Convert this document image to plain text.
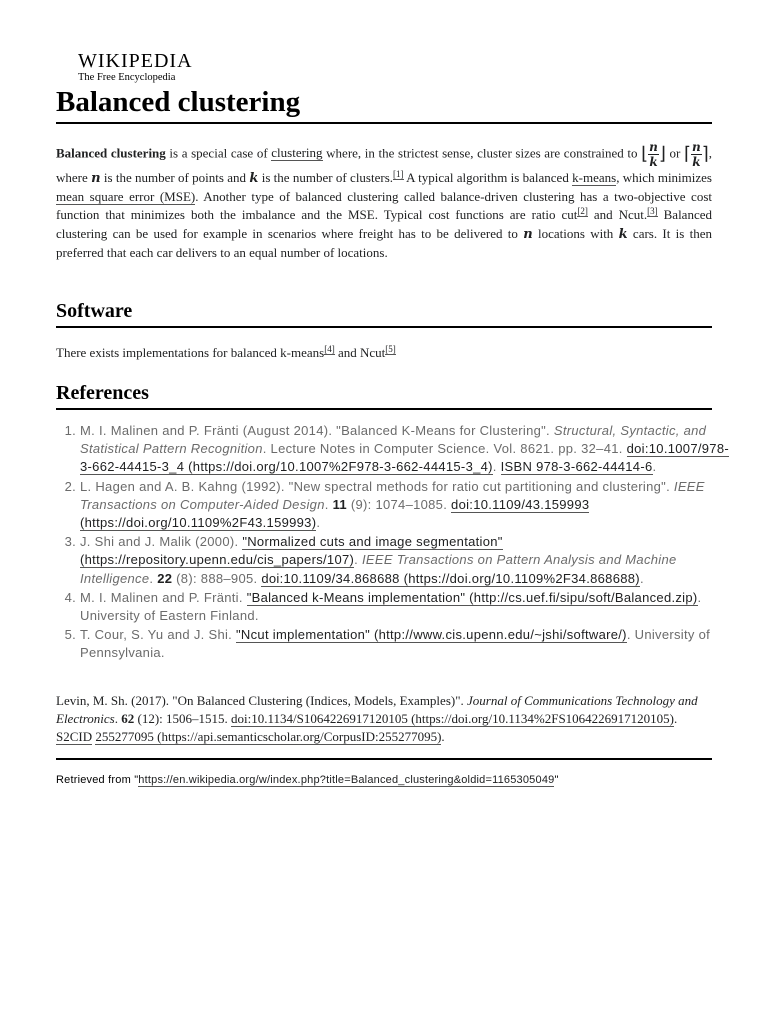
WIKIPEDIA
The Free Encyclopedia
Balanced clustering
Balanced clustering is a special case of clustering where, in the strictest sense, cluster sizes are constrained to ⌊ $\frac{n}{k}$ ⌋ or ⌈ $\frac{n}{k}$ ⌉, where n is the number of points and k is the number of clusters.[1] A typical algorithm is balanced k-means, which minimizes mean square error (MSE). Another type of balanced clustering called balance-driven clustering has a two-objective cost function that minimizes both the imbalance and the MSE. Typical cost functions are ratio cut[2] and Ncut.[3] Balanced clustering can be used for example in scenarios where freight has to be delivered to n locations with k cars. It is then preferred that each car delivers to an equal number of locations.
Software
There exists implementations for balanced k-means[4] and Ncut[5]
References
1. M. I. Malinen and P. Fränti (August 2014). "Balanced K-Means for Clustering". Structural, Syntactic, and Statistical Pattern Recognition. Lecture Notes in Computer Science. Vol. 8621. pp. 32–41. doi:10.1007/978-3-662-44415-3_4 (https://doi.org/10.1007%2F978-3-662-44415-3_4). ISBN 978-3-662-44414-6.
2. L. Hagen and A. B. Kahng (1992). "New spectral methods for ratio cut partitioning and clustering". IEEE Transactions on Computer-Aided Design. 11 (9): 1074–1085. doi:10.1109/43.159993 (https://doi.org/10.1109%2F43.159993).
3. J. Shi and J. Malik (2000). "Normalized cuts and image segmentation" (https://repository.upenn.edu/cis_papers/107). IEEE Transactions on Pattern Analysis and Machine Intelligence. 22 (8): 888–905. doi:10.1109/34.868688 (https://doi.org/10.1109%2F34.868688).
4. M. I. Malinen and P. Fränti. "Balanced k-Means implementation" (http://cs.uef.fi/sipu/soft/Balanced.zip). University of Eastern Finland.
5. T. Cour, S. Yu and J. Shi. "Ncut implementation" (http://www.cis.upenn.edu/~jshi/software/). University of Pennsylvania.
Levin, M. Sh. (2017). "On Balanced Clustering (Indices, Models, Examples)". Journal of Communications Technology and Electronics. 62 (12): 1506–1515. doi:10.1134/S1064226917120105 (https://doi.org/10.1134%2FS1064226917120105). S2CID 255277095 (https://api.semanticscholar.org/CorpusID:255277095).
Retrieved from "https://en.wikipedia.org/w/index.php?title=Balanced_clustering&oldid=1165305049"
